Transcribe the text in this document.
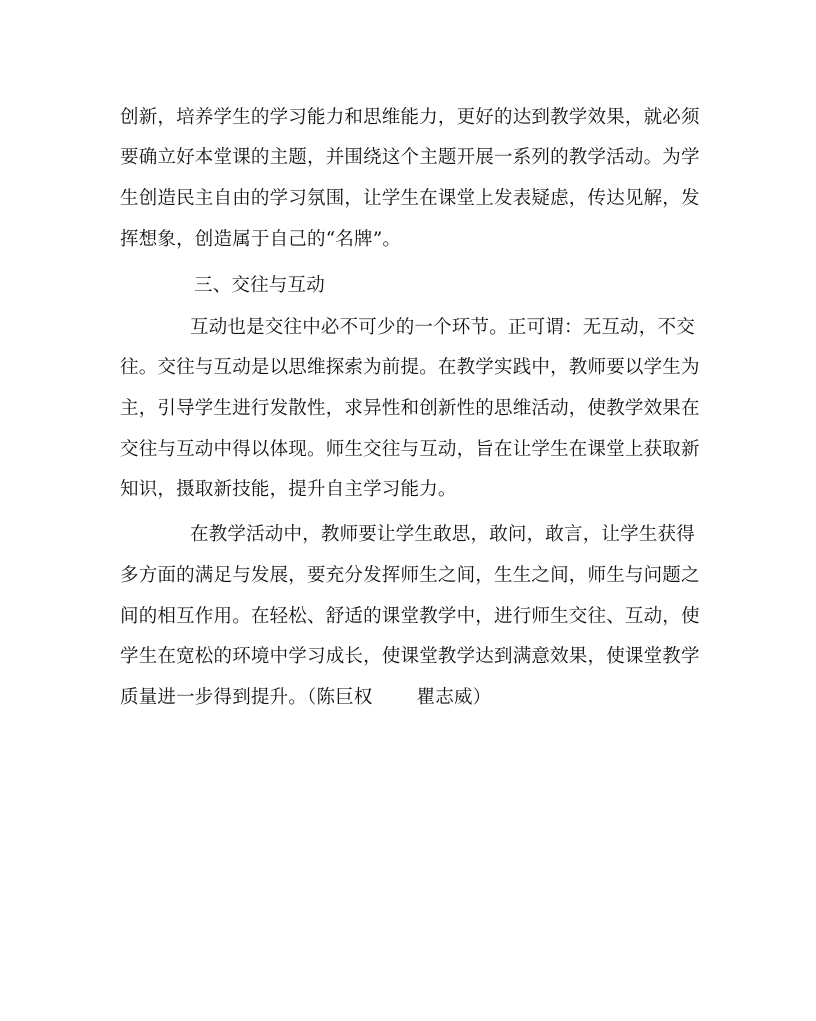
创新，培养学生的学习能力和思维能力，更好的达到教学效果，就必须
要确立好本堂课的主题，并围绕这个主题开展一系列的教学活动。为学
生创造民主自由的学习氛围，让学生在课堂上发表疑虑，传达见解，发
挥想象，创造属于自己的“名牌”。
三、交往与互动
互动也是交往中必不可少的一个环节。正可谓：无互动，不交
往。交往与互动是以思维探索为前提。在教学实践中，教师要以学生为
主，引导学生进行发散性，求异性和创新性的思维活动，使教学效果在
交往与互动中得以体现。师生交往与互动，旨在让学生在课堂上获取新
知识，摄取新技能，提升自主学习能力。
在教学活动中，教师要让学生敢思，敢问，敢言，让学生获得
多方面的满足与发展，要充分发挥师生之间，生生之间，师生与问题之
间的相互作用。在轻松、舒适的课堂教学中，进行师生交往、互动，使
学生在宽松的环境中学习成长，使课堂教学达到满意效果，使课堂教学
质量进一步得到提升。（陈巨权 瞿志威）
